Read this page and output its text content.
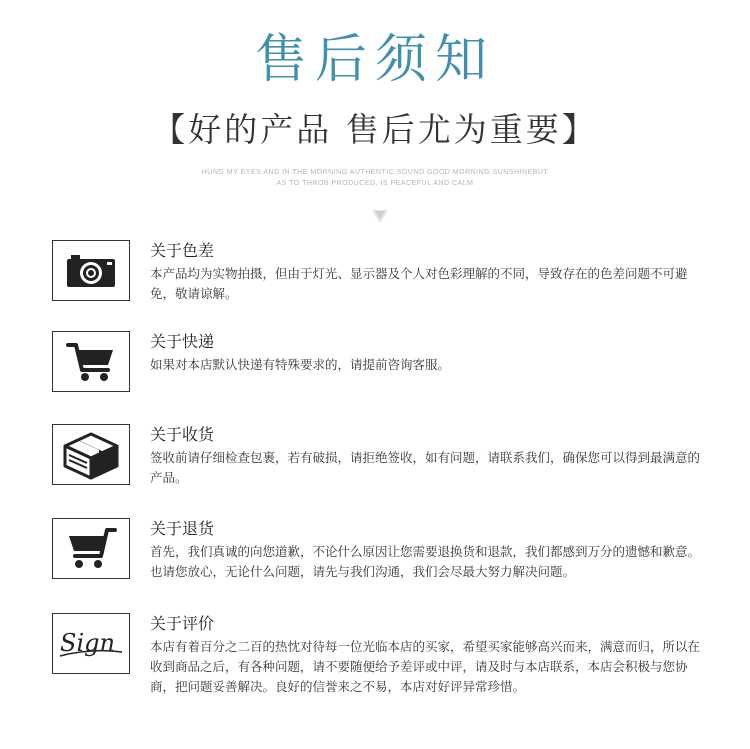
售后须知
【好的产品 售后尤为重要】
HUNG MY EYES AND IN THE MORNING AUTHENTIC SOUND GOOD MORNING SUNSHINEBUT
AS TO THROB PRODUCED, IS PEACEFUL AND CALM
关于色差
本产品均为实物拍摄，但由于灯光、显示器及个人对色彩理解的不同，导致存在的色差问题不可避免，敬请谅解。
关于快递
如果对本店默认快递有特殊要求的，请提前咨询客服。
关于收货
签收前请仔细检查包裹，若有破损，请拒绝签收，如有问题，请联系我们，确保您可以得到最满意的产品。
关于退货
首先，我们真诚的向您道歉，不论什么原因让您需要退换货和退款，我们都感到万分的遗憾和歉意。也请您放心，无论什么问题，请先与我们沟通，我们会尽最大努力解决问题。
Sign
关于评价
本店有着百分之二百的热忱对待每一位光临本店的买家，希望买家能够高兴而来，满意而归，所以在收到商品之后，有各种问题，请不要随便给予差评或中评，请及时与本店联系，本店会积极与您协商，把问题妥善解决。良好的信誉来之不易，本店对好评异常珍惜。
